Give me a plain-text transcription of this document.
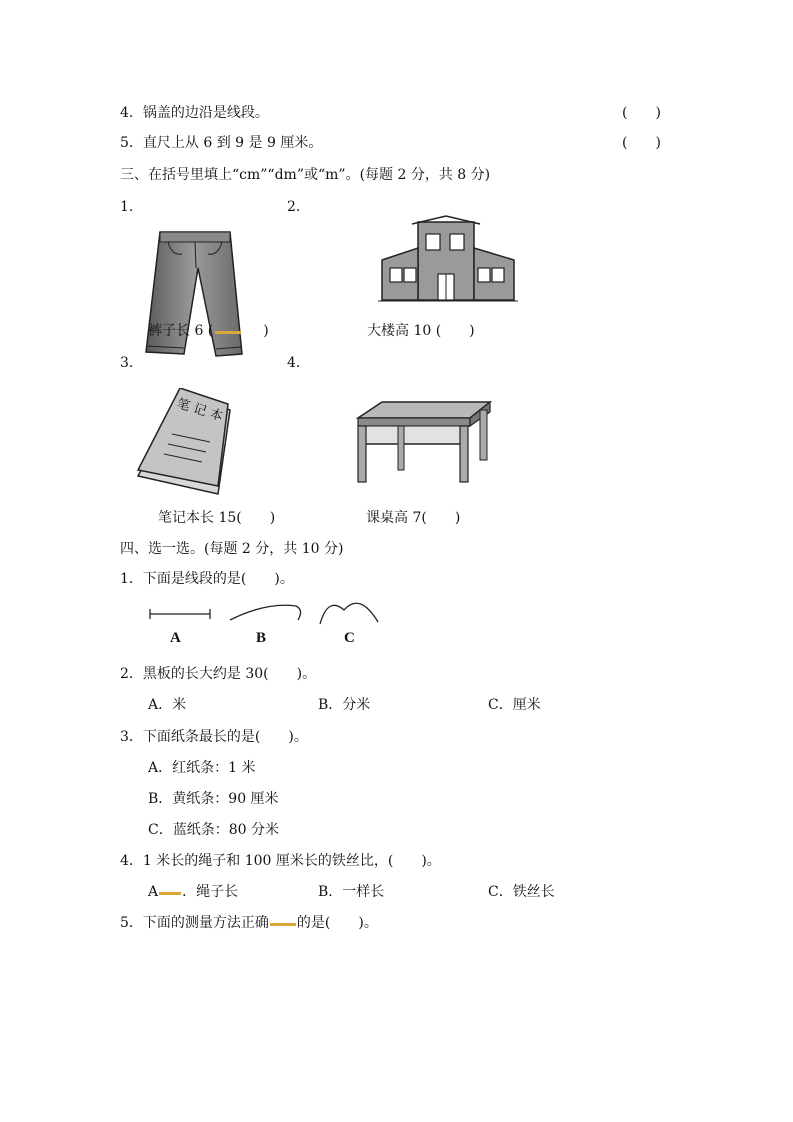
4．锅盖的边沿是线段。	(　　)
5．直尺上从 6 到 9 是 9 厘米。	(　　)
三、在括号里填上“cm”“dm”或“m”。(每题 2 分，共 8 分)
1.	2.
裤子长 6 (	)	大楼高 10 (　　)
3.	4.
笔 记 本
笔记本长 15(　　)	课桌高 7(　　)
四、选一选。(每题 2 分，共 10 分)
1．下面是线段的是(　　)。
A	B	C
2．黑板的长大约是 30(　　)。
A．米	B．分米	C．厘米
3．下面纸条最长的是(　　)。
A．红纸条：1 米
B．黄纸条：90 厘米
C．蓝纸条：80 分米
4．1 米长的绳子和 100 厘米长的铁丝比，(　　)。
A ．绳子长	B．一样长	C．铁丝长
5．下面的测量方法正确 的是(　　)。
